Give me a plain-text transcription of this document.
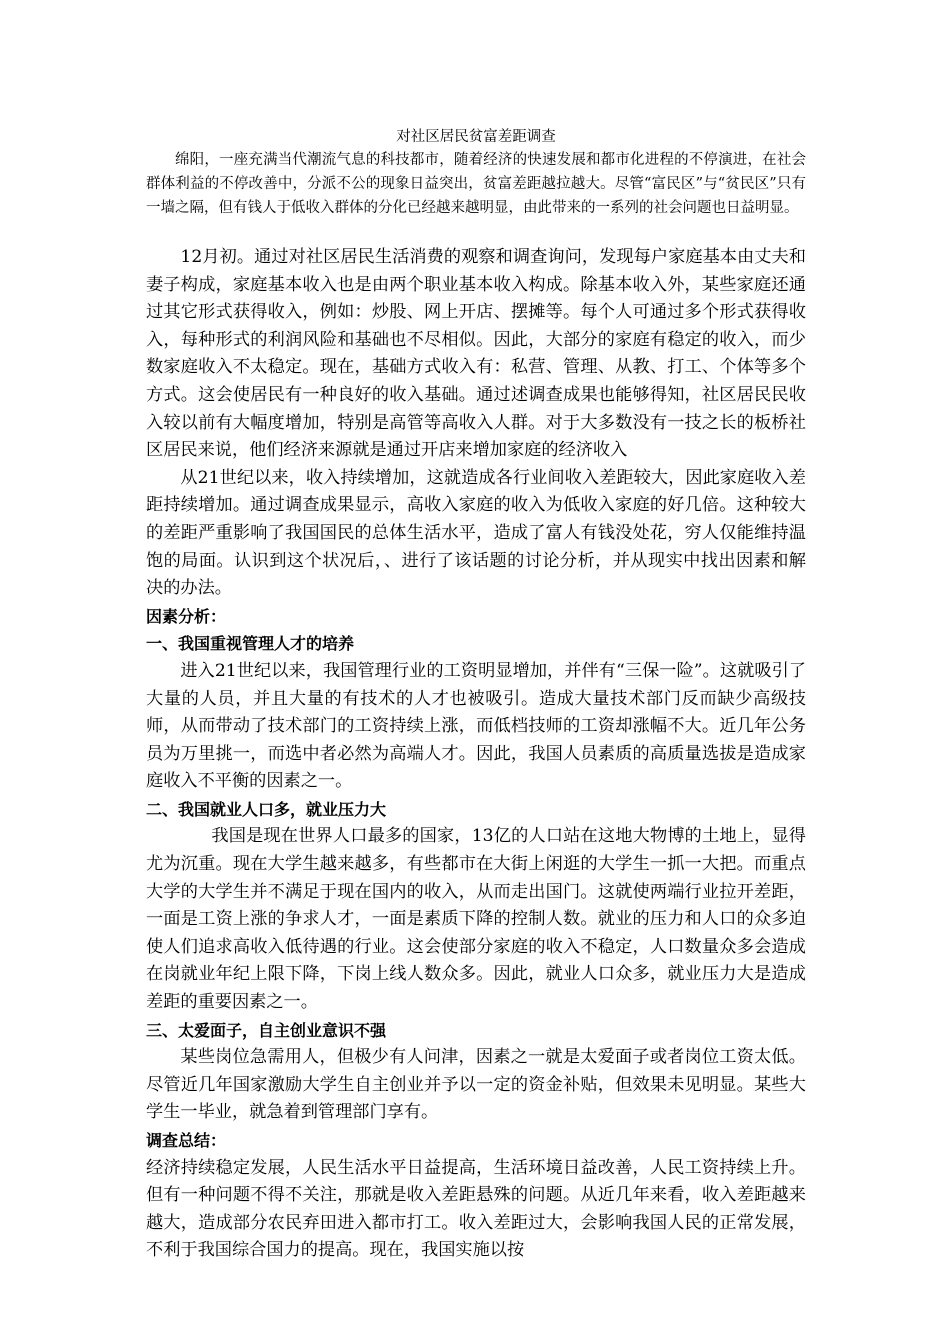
对社区居民贫富差距调查

绵阳，一座充满当代潮流气息的科技都市，随着经济的快速发展和都市化进程的不停演进，在社会群体利益的不停改善中，分派不公的现象日益突出，贫富差距越拉越大。尽管“富民区”与“贫民区”只有一墙之隔，但有钱人于低收入群体的分化已经越来越明显，由此带来的一系列的社会问题也日益明显。

12月初。通过对社区居民生活消费的观察和调查询问，发现每户家庭基本由丈夫和妻子构成，家庭基本收入也是由两个职业基本收入构成。除基本收入外，某些家庭还通过其它形式获得收入，例如：炒股、网上开店、摆摊等。每个人可通过多个形式获得收入，每种形式的利润风险和基础也不尽相似。因此，大部分的家庭有稳定的收入，而少数家庭收入不太稳定。现在，基础方式收入有：私营、管理、从教、打工、个体等多个方式。这会使居民有一种良好的收入基础。通过述调查成果也能够得知，社区居民民收入较以前有大幅度增加，特别是高管等高收入人群。对于大多数没有一技之长的板桥社区居民来说，他们经济来源就是通过开店来增加家庭的经济收入

从21世纪以来，收入持续增加，这就造成各行业间收入差距较大，因此家庭收入差距持续增加。通过调查成果显示，高收入家庭的收入为低收入家庭的好几倍。这种较大的差距严重影响了我国国民的总体生活水平，造成了富人有钱没处花，穷人仅能维持温饱的局面。认识到这个状况后，、进行了该话题的讨论分析，并从现实中找出因素和解决的办法。

因素分析：

一、我国重视管理人才的培养

进入21世纪以来，我国管理行业的工资明显增加，并伴有“三保一险”。这就吸引了大量的人员，并且大量的有技术的人才也被吸引。造成大量技术部门反而缺少高级技师，从而带动了技术部门的工资持续上涨，而低档技师的工资却涨幅不大。近几年公务员为万里挑一，而选中者必然为高端人才。因此，我国人员素质的高质量选拔是造成家庭收入不平衡的因素之一。

二、我国就业人口多，就业压力大

我国是现在世界人口最多的国家，13亿的人口站在这地大物博的土地上，显得尤为沉重。现在大学生越来越多，有些都市在大街上闲逛的大学生一抓一大把。而重点大学的大学生并不满足于现在国内的收入，从而走出国门。这就使两端行业拉开差距，一面是工资上涨的争求人才，一面是素质下降的控制人数。就业的压力和人口的众多迫使人们追求高收入低待遇的行业。这会使部分家庭的收入不稳定，人口数量众多会造成在岗就业年纪上限下降，下岗上线人数众多。因此，就业人口众多，就业压力大是造成差距的重要因素之一。

三、太爱面子，自主创业意识不强

某些岗位急需用人，但极少有人问津，因素之一就是太爱面子或者岗位工资太低。尽管近几年国家激励大学生自主创业并予以一定的资金补贴，但效果未见明显。某些大学生一毕业，就急着到管理部门享有。

调查总结：

经济持续稳定发展，人民生活水平日益提高，生活环境日益改善，人民工资持续上升。但有一种问题不得不关注，那就是收入差距悬殊的问题。从近几年来看，收入差距越来越大，造成部分农民弃田进入都市打工。收入差距过大，会影响我国人民的正常发展，不利于我国综合国力的提高。现在，我国实施以按
